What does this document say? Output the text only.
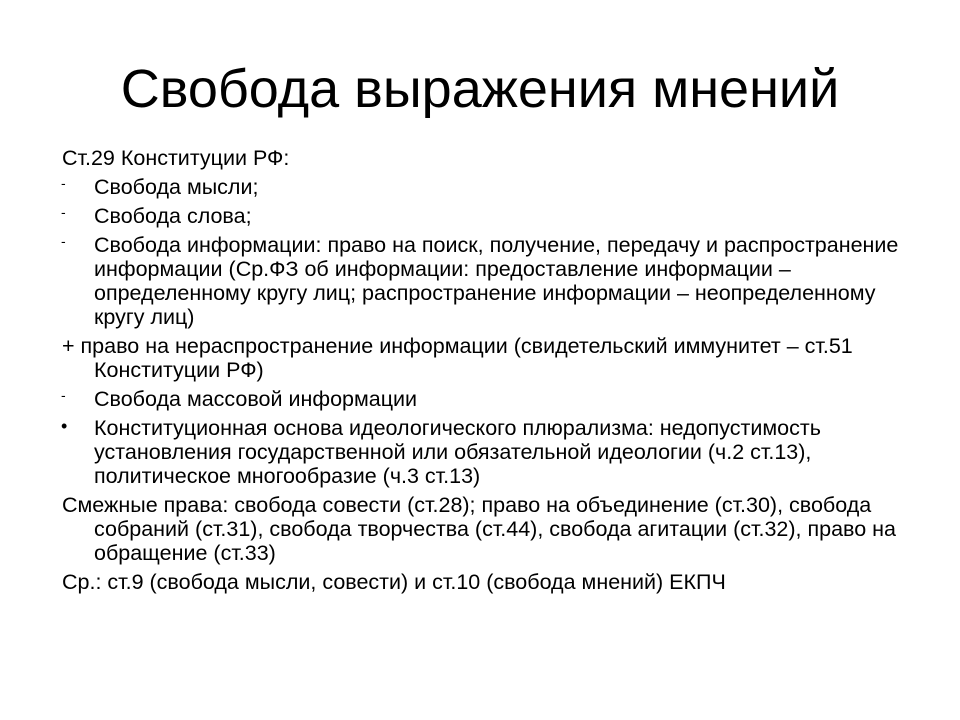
Свобода выражения мнений
Ст.29 Конституции РФ:
-	Свобода мысли;
-	Свобода слова;
-	Свобода информации: право на поиск, получение, передачу и распространение информации (Ср.ФЗ об информации: предоставление информации – определенному кругу лиц; распространение информации – неопределенному кругу лиц)
+ право на нераспространение информации (свидетельский иммунитет – ст.51 Конституции РФ)
-	Свобода массовой информации
•	Конституционная основа идеологического плюрализма: недопустимость установления государственной или обязательной идеологии (ч.2 ст.13), политическое многообразие (ч.3 ст.13)
Смежные права: свобода совести (ст.28); право на объединение (ст.30), свобода собраний (ст.31), свобода творчества (ст.44), свобода агитации (ст.32), право на обращение (ст.33)
Ср.: ст.9 (свобода мысли, совести) и ст.10 (свобода мнений) ЕКПЧ
